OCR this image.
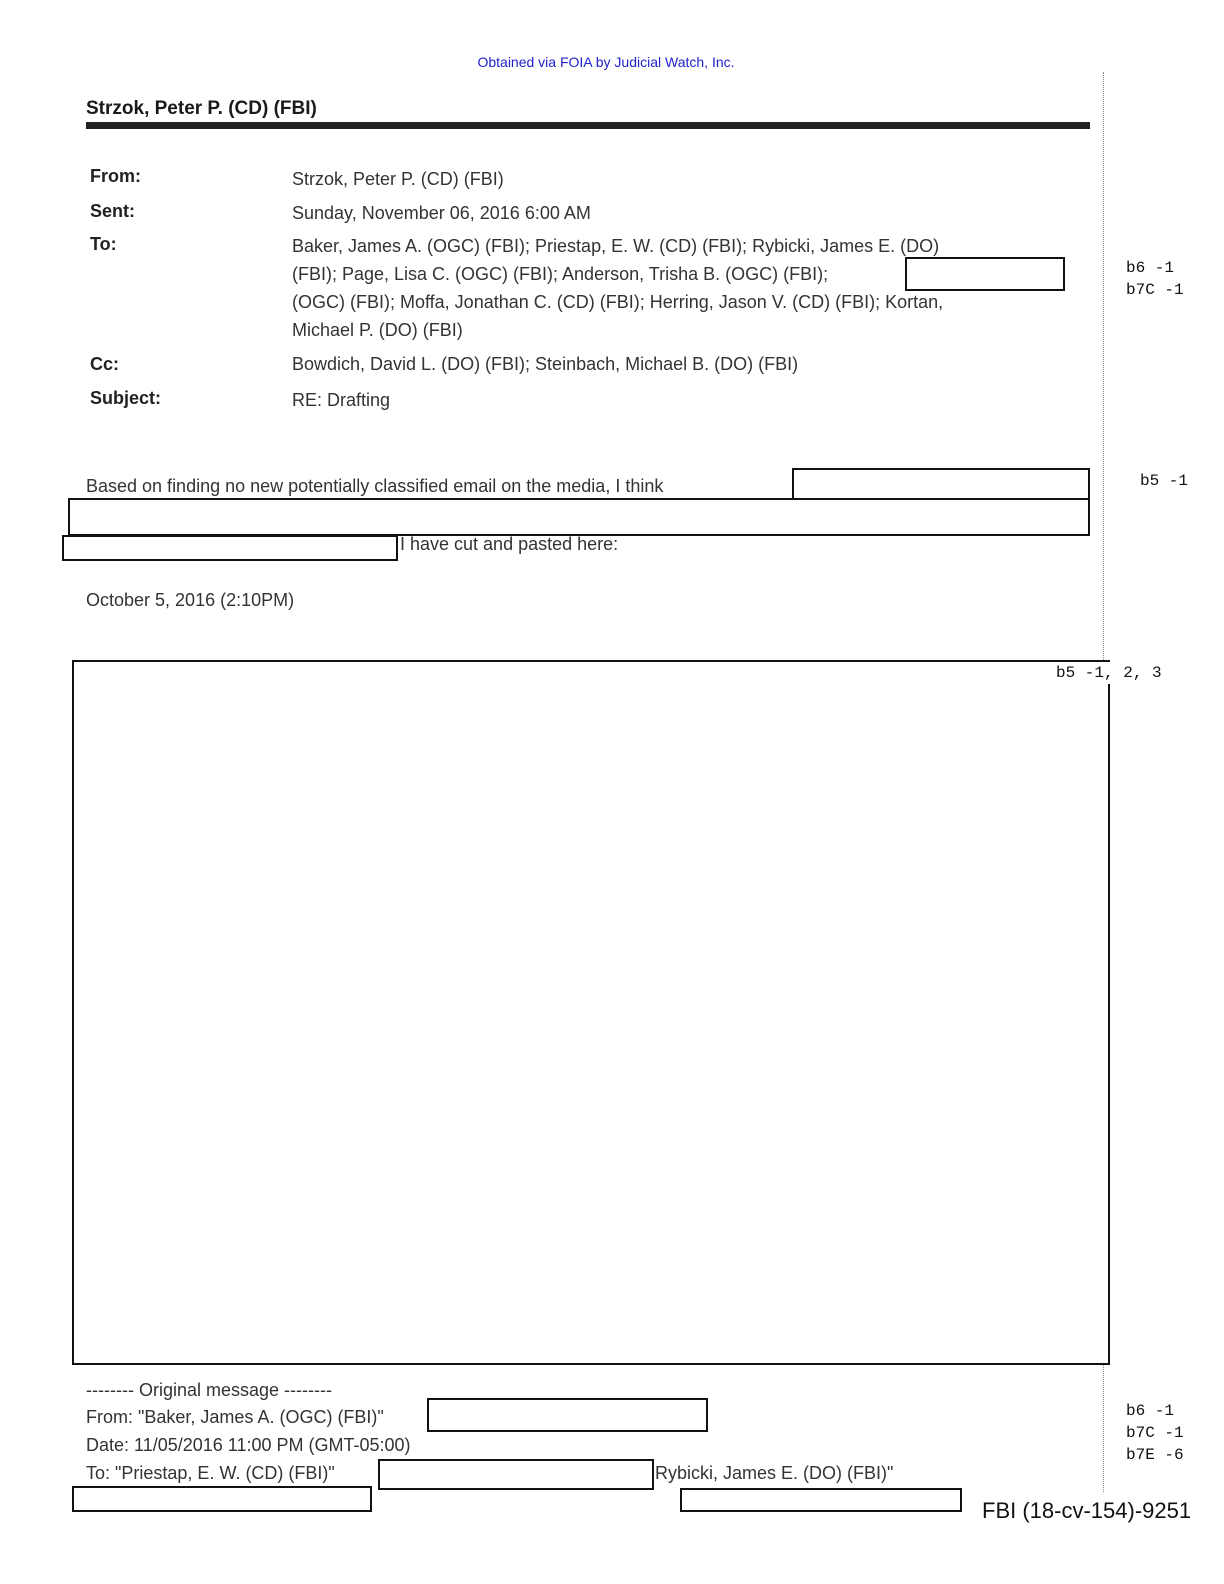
Obtained via FOIA by Judicial Watch, Inc.
Strzok, Peter P. (CD) (FBI)
From:	Strzok, Peter P. (CD) (FBI)
Sent:	Sunday, November 06, 2016 6:00 AM
To:	Baker, James A. (OGC) (FBI); Priestap, E. W. (CD) (FBI); Rybicki, James E. (DO)
(FBI); Page, Lisa C. (OGC) (FBI); Anderson, Trisha B. (OGC) (FBI);
(OGC) (FBI); Moffa, Jonathan C. (CD) (FBI); Herring, Jason V. (CD) (FBI); Kortan,
Michael P. (DO) (FBI)
Cc:	Bowdich, David L. (DO) (FBI); Steinbach, Michael B. (DO) (FBI)
Subject:	RE: Drafting
b6 -1
b7C -1
Based on finding no new potentially classified email on the media, I think
I have cut and pasted here:
b5 -1
October 5, 2016 (2:10PM)
b5 -1, 2, 3
-------- Original message --------
From: "Baker, James A. (OGC) (FBI)"
Date: 11/05/2016 11:00 PM (GMT-05:00)
To: "Priestap, E. W. (CD) (FBI)"	Rybicki, James E. (DO) (FBI)"
b6 -1
b7C -1
b7E -6
FBI (18-cv-154)-9251
